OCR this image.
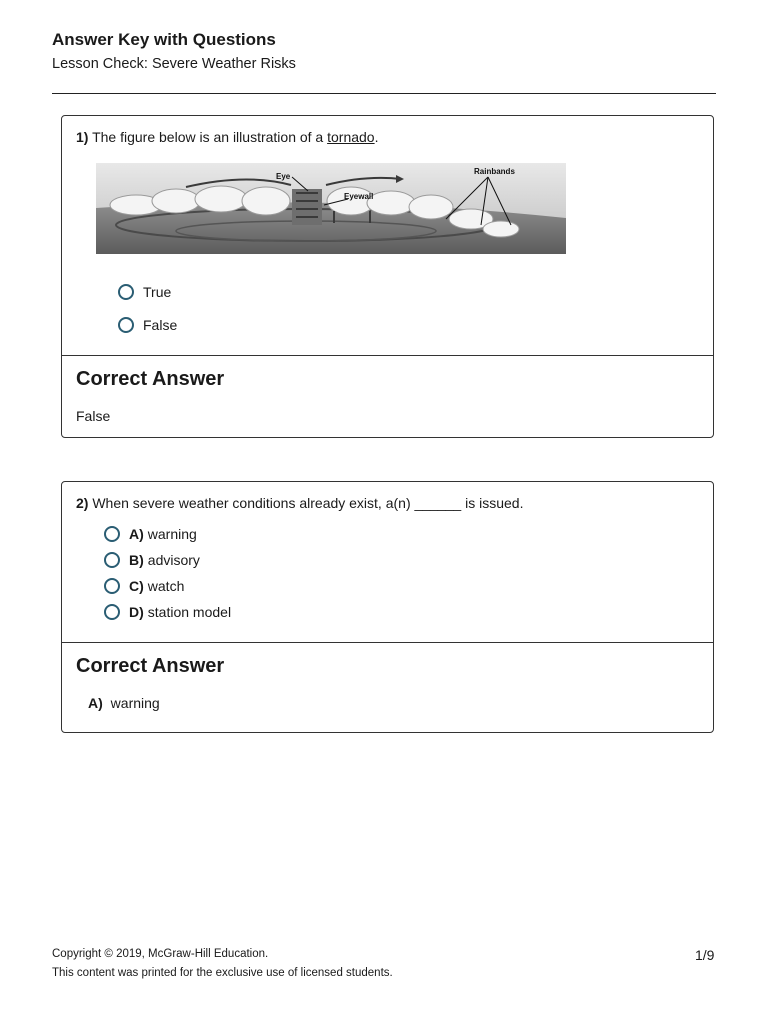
Answer Key with Questions
Lesson Check: Severe Weather Risks
1) The figure below is an illustration of a tornado.
Eye
Eyewall
Rainbands
True
False
Correct Answer
False
2) When severe weather conditions already exist, a(n) ______ is issued.
A) warning
B) advisory
C) watch
D) station model
Correct Answer
A) warning
Copyright © 2019, McGraw-Hill Education.
This content was printed for the exclusive use of licensed students.
1/9
